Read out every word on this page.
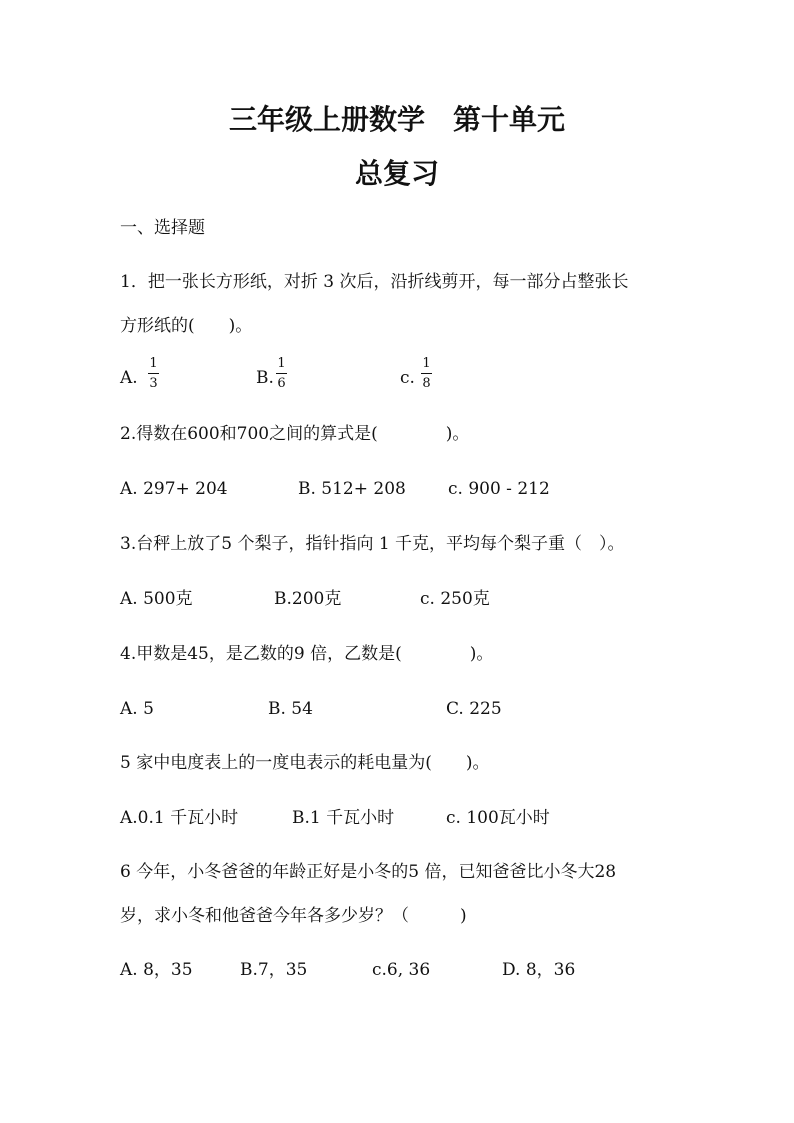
三年级上册数学　第十单元
总复习
一、选择题
1．把一张长方形纸，对折 3 次后，沿折线剪开，每一部分占整张长
方形纸的(　　)。
A.
1
3	B.
1
6	c.
1
8
2.得数在600和700之间的算式是(　　　　)。
A. 297+ 204	B. 512+ 208 c. 900 - 212
3.台秤上放了5 个梨子，指针指向 1 千克，平均每个梨子重（　）。
A. 500克	B.200克	c. 250克
4.甲数是45，是乙数的9 倍，乙数是(　　　　)。
A. 5	B. 54	C. 225
5 家中电度表上的一度电表示的耗电量为(　　)。
A.0.1 千瓦小时	B.1 千瓦小时	c. 100瓦小时
6 今年，小冬爸爸的年龄正好是小冬的5 倍，已知爸爸比小冬大28
岁，求小冬和他爸爸今年各多少岁？（　　　)
A. 8，35	B.7，35	c.6, 36	D. 8，36
